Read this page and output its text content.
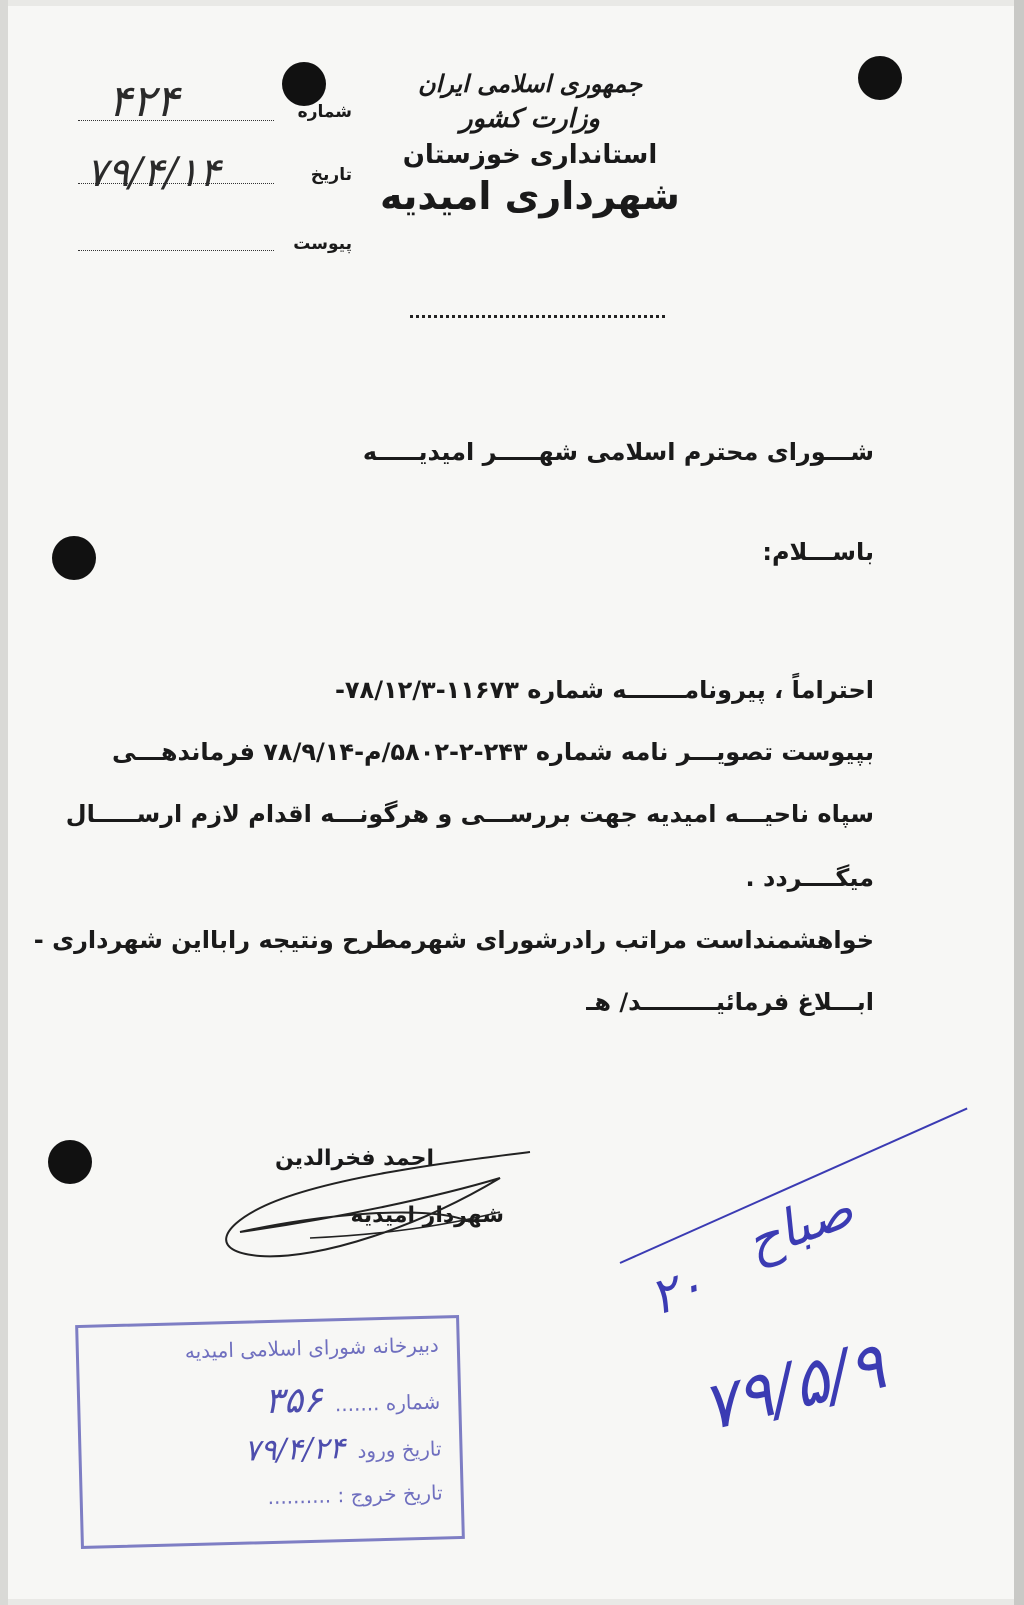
جمهوری اسلامی ایران
وزارت کشور
استانداری خوزستان
شهرداری امیدیه
شماره
۴۲۴
تاریخ
۷۹/۴/۱۴
پیوست
شـــورای محترم اسلامی شهـــــر امیدیـــــه
باســـلام:
احتراماً ، پیرونامـــــــه شماره ۱۱۶۷۳-۷۸/۱۲/۳-
بپیوست تصویـــر نامه شماره ۲۴۳-۲-۵۸۰۲/م-۷۸/۹/۱۴ فرماندهـــی
سپاه ناحیـــه امیدیه جهت بررســـی و هرگونـــه اقدام لازم ارســـــال
میگــــردد .
خواهشمنداست مراتب رادرشورای شهرمطرح ونتیجه رابااین شهرداری -
ابـــلاغ فرمائیـــــــــد/ هـ
احمد فخرالدین
شهردار امیدیه
دبیرخانه شورای اسلامی امیدیه
شماره ....... ۳۵۶
تاریخ ورود ۷۹/۴/۲۴
تاریخ خروج : ..........
صباح
۲۰
۷۹/۵/۹
